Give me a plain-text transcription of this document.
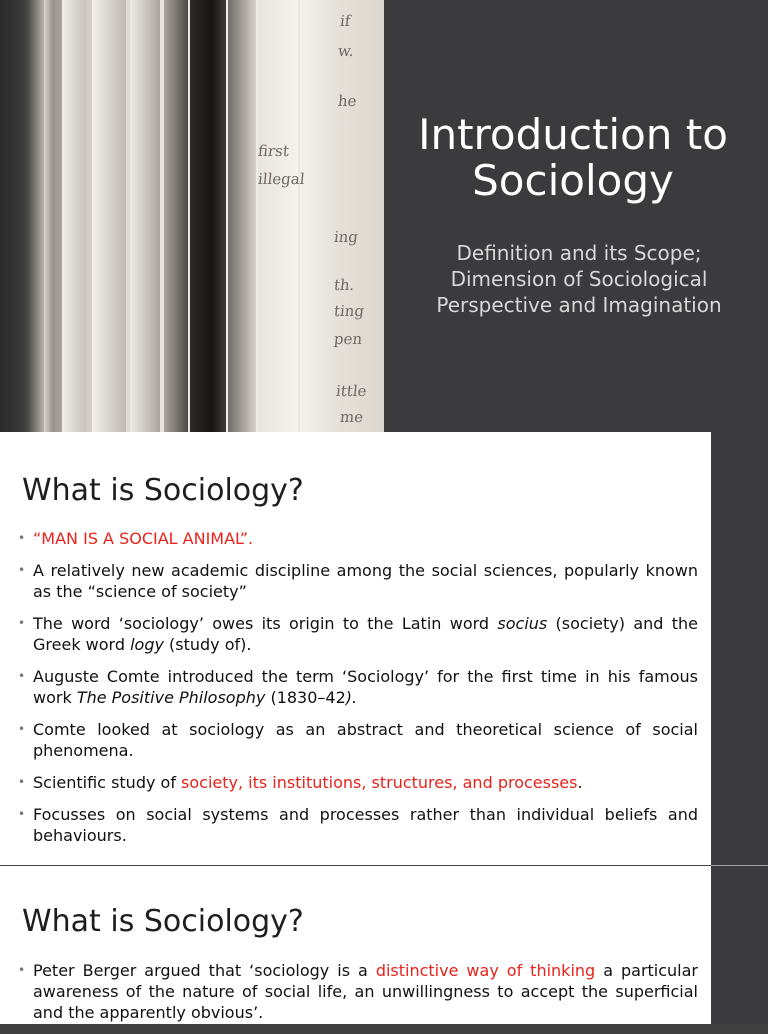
if
w.
he
first
illegal
ing
th.
ting
pen
ittle
me
Introduction to Sociology

Definition and its Scope;
Dimension of Sociological
Perspective and Imagination

What is Sociology?
• “MAN IS A SOCIAL ANIMAL”.
• A relatively new academic discipline among the social sciences, popularly known as the “science of society”
• The word ‘sociology’ owes its origin to the Latin word socius (society) and the Greek word logy (study of).
• Auguste Comte introduced the term ‘Sociology’ for the first time in his famous work The Positive Philosophy (1830–42).
• Comte looked at sociology as an abstract and theoretical science of social phenomena.
• Scientific study of society, its institutions, structures, and processes.
• Focusses on social systems and processes rather than individual beliefs and behaviours.
What is Sociology?
• Peter Berger argued that ‘sociology is a distinctive way of thinking a particular awareness of the nature of social life, an unwillingness to accept the superficial and the apparently obvious’.
